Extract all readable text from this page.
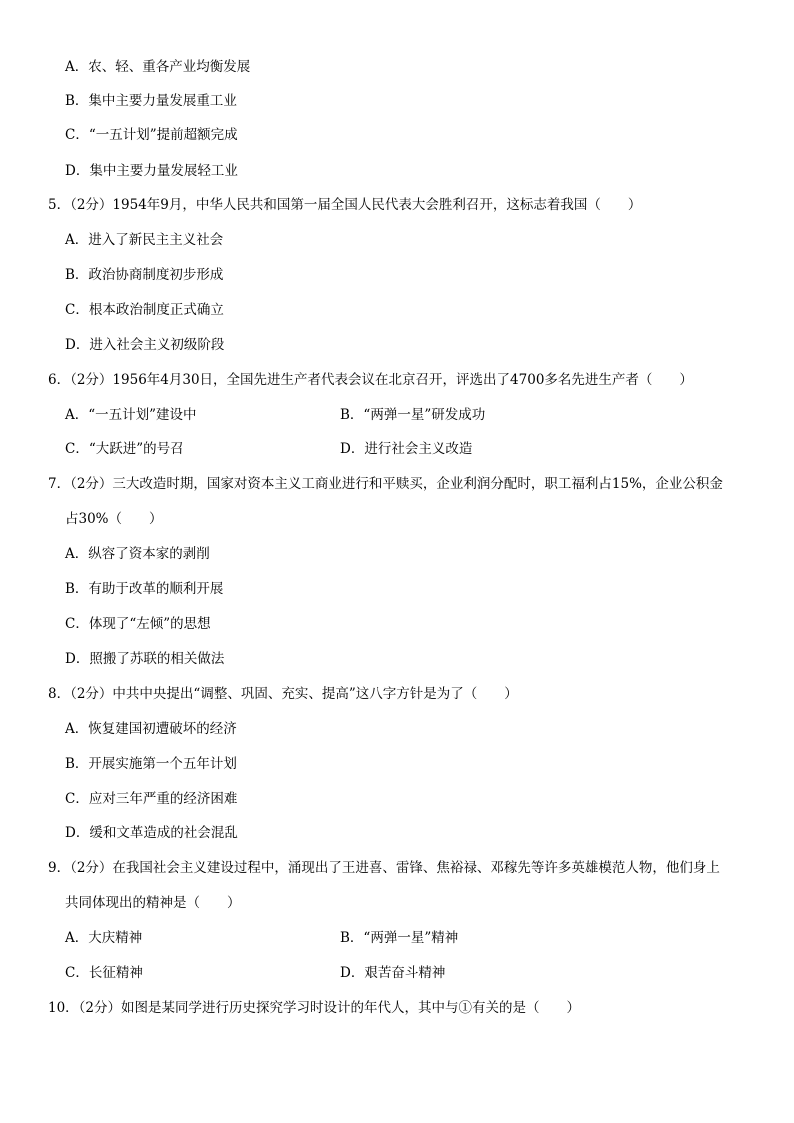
A．农、轻、重各产业均衡发展
B．集中主要力量发展重工业
C．“一五计划”提前超额完成
D．集中主要力量发展轻工业
5．（2分）1954年9月，中华人民共和国第一届全国人民代表大会胜利召开，这标志着我国（　　）
A．进入了新民主主义社会
B．政治协商制度初步形成
C．根本政治制度正式确立
D．进入社会主义初级阶段
6．（2分）1956年4月30日，全国先进生产者代表会议在北京召开，评选出了4700多名先进生产者（　　）
A．“一五计划”建设中	B．“两弹一星”研发成功
C．“大跃进”的号召	D．进行社会主义改造
7．（2分）三大改造时期，国家对资本主义工商业进行和平赎买，企业利润分配时，职工福利占15%，企业公积金
占30%（　　）
A．纵容了资本家的剥削
B．有助于改革的顺利开展
C．体现了“左倾”的思想
D．照搬了苏联的相关做法
8．（2分）中共中央提出“调整、巩固、充实、提高”这八字方针是为了（　　）
A．恢复建国初遭破坏的经济
B．开展实施第一个五年计划
C．应对三年严重的经济困难
D．缓和文革造成的社会混乱
9．（2分）在我国社会主义建设过程中，涌现出了王进喜、雷锋、焦裕禄、邓稼先等许多英雄模范人物，他们身上
共同体现出的精神是（　　）
A．大庆精神	B．“两弹一星”精神
C．长征精神	D．艰苦奋斗精神
10．（2分）如图是某同学进行历史探究学习时设计的年代人，其中与①有关的是（　　）
